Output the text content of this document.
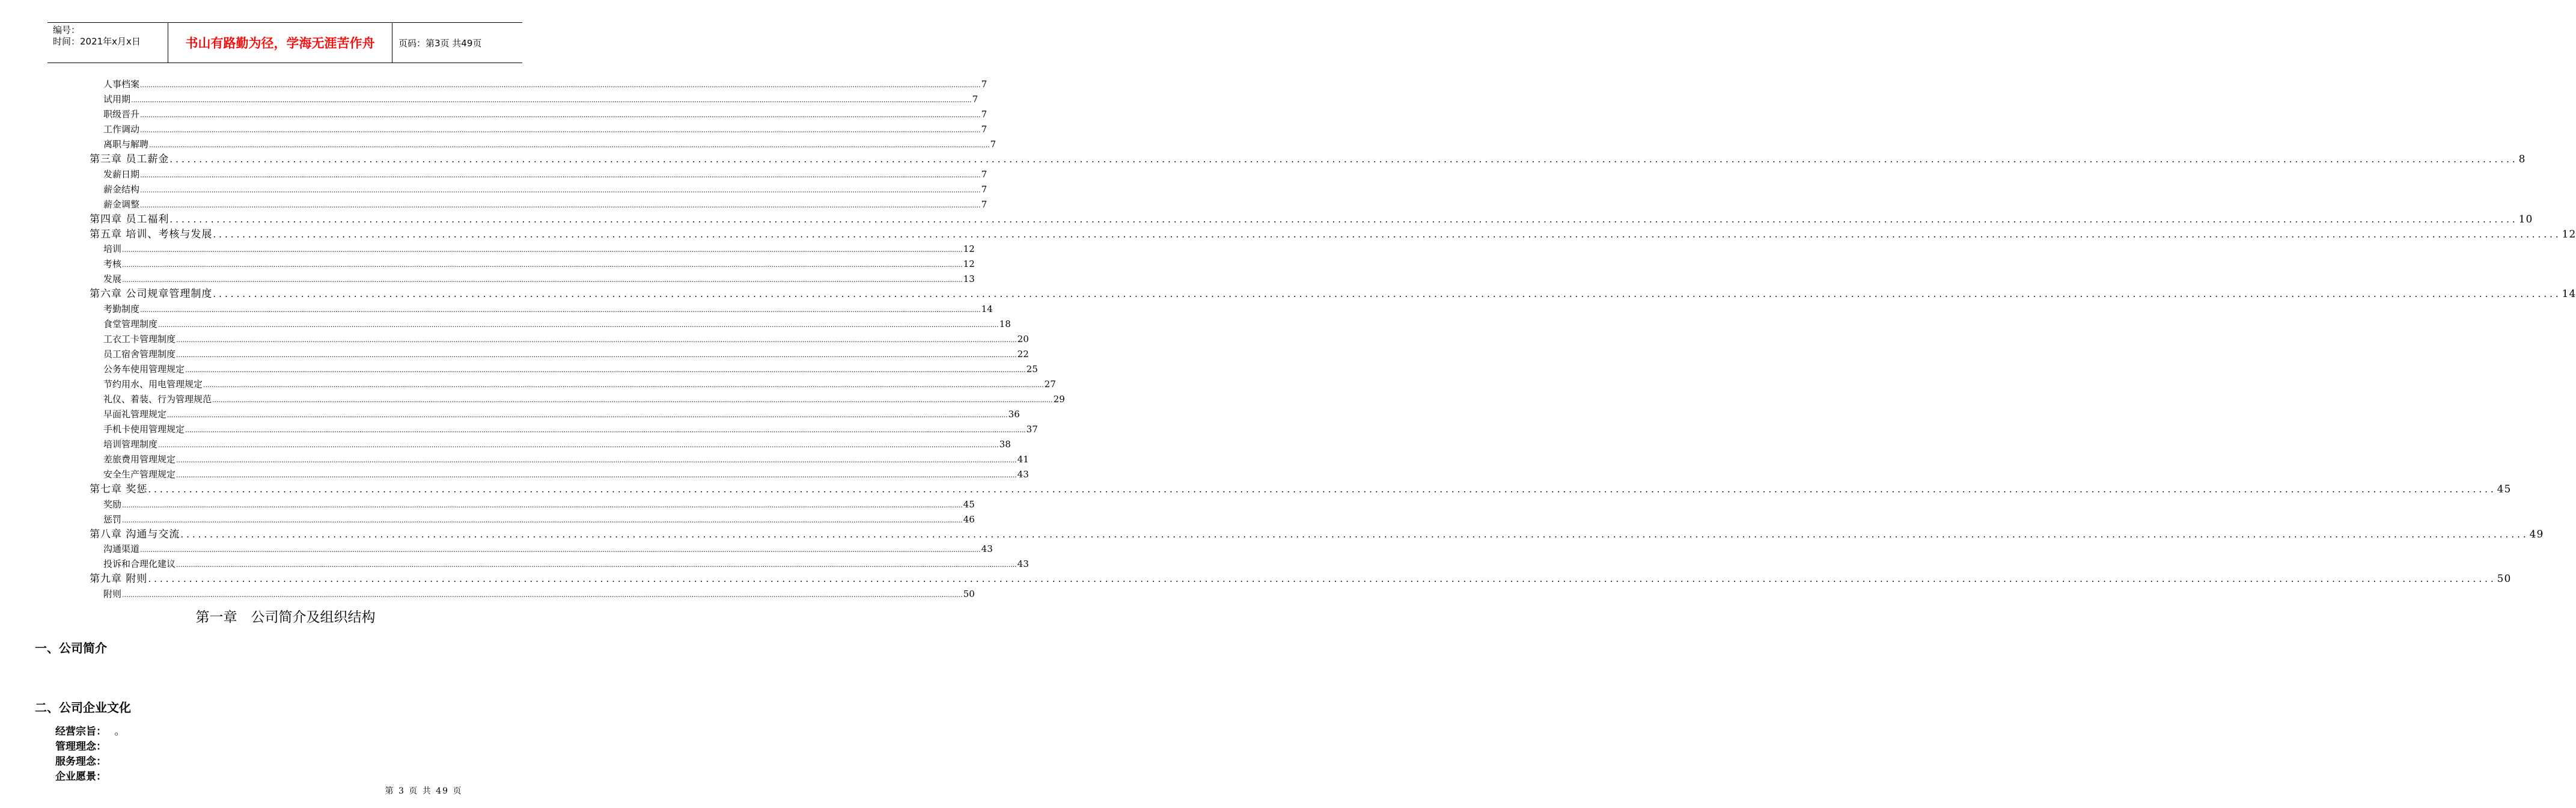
编号：
时间：2021年x月x日	书山有路勤为径，学海无涯苦作舟	页码：第3页 共49页
人事档案 ................................................................................................................................................................................................................................................................................................................................................................................................................ 7
试用期 ................................................................................................................................................................................................................................................................................................................................................................................................................ 7
职级晋升 ................................................................................................................................................................................................................................................................................................................................................................................................................ 7
工作调动 ................................................................................................................................................................................................................................................................................................................................................................................................................ 7
离职与解聘 ................................................................................................................................................................................................................................................................................................................................................................................................................ 7
第三章 员工薪金 ................................................................................................................................................................................................................................................................................................................................................................................................................ 8
发薪日期 ................................................................................................................................................................................................................................................................................................................................................................................................................ 7
薪金结构 ................................................................................................................................................................................................................................................................................................................................................................................................................ 7
薪金调整 ................................................................................................................................................................................................................................................................................................................................................................................................................ 7
第四章 员工福利 ................................................................................................................................................................................................................................................................................................................................................................................................................ 10
第五章 培训、考核与发展 ................................................................................................................................................................................................................................................................................................................................................................................................................ 12
培训 ................................................................................................................................................................................................................................................................................................................................................................................................................ 12
考核 ................................................................................................................................................................................................................................................................................................................................................................................................................ 12
发展 ................................................................................................................................................................................................................................................................................................................................................................................................................ 13
第六章 公司规章管理制度 ................................................................................................................................................................................................................................................................................................................................................................................................................ 14
考勤制度 ................................................................................................................................................................................................................................................................................................................................................................................................................ 14
食堂管理制度 ................................................................................................................................................................................................................................................................................................................................................................................................................ 18
工衣工卡管理制度 ................................................................................................................................................................................................................................................................................................................................................................................................................ 20
员工宿舍管理制度 ................................................................................................................................................................................................................................................................................................................................................................................................................ 22
公务车使用管理规定 ................................................................................................................................................................................................................................................................................................................................................................................................................ 25
节约用水、用电管理规定 ................................................................................................................................................................................................................................................................................................................................................................................................................ 27
礼仪、着装、行为管理规范 ................................................................................................................................................................................................................................................................................................................................................................................................................ 29
早面礼管理规定 ................................................................................................................................................................................................................................................................................................................................................................................................................ 36
手机卡使用管理规定 ................................................................................................................................................................................................................................................................................................................................................................................................................ 37
培训管理制度 ................................................................................................................................................................................................................................................................................................................................................................................................................ 38
差旅费用管理规定 ................................................................................................................................................................................................................................................................................................................................................................................................................ 41
安全生产管理规定 ................................................................................................................................................................................................................................................................................................................................................................................................................ 43
第七章 奖惩 ................................................................................................................................................................................................................................................................................................................................................................................................................ 45
奖励 ................................................................................................................................................................................................................................................................................................................................................................................................................ 45
惩罚 ................................................................................................................................................................................................................................................................................................................................................................................................................ 46
第八章 沟通与交流 ................................................................................................................................................................................................................................................................................................................................................................................................................ 49
沟通渠道 ................................................................................................................................................................................................................................................................................................................................................................................................................ 43
投诉和合理化建议 ................................................................................................................................................................................................................................................................................................................................................................................................................ 43
第九章 附则 ................................................................................................................................................................................................................................................................................................................................................................................................................ 50
附则 ................................................................................................................................................................................................................................................................................................................................................................................................................ 50
第一章　公司简介及组织结构
一、公司简介
二、公司企业文化
经营宗旨： 。
管理理念：
服务理念：
企业愿景：
第 3 页 共 49 页
